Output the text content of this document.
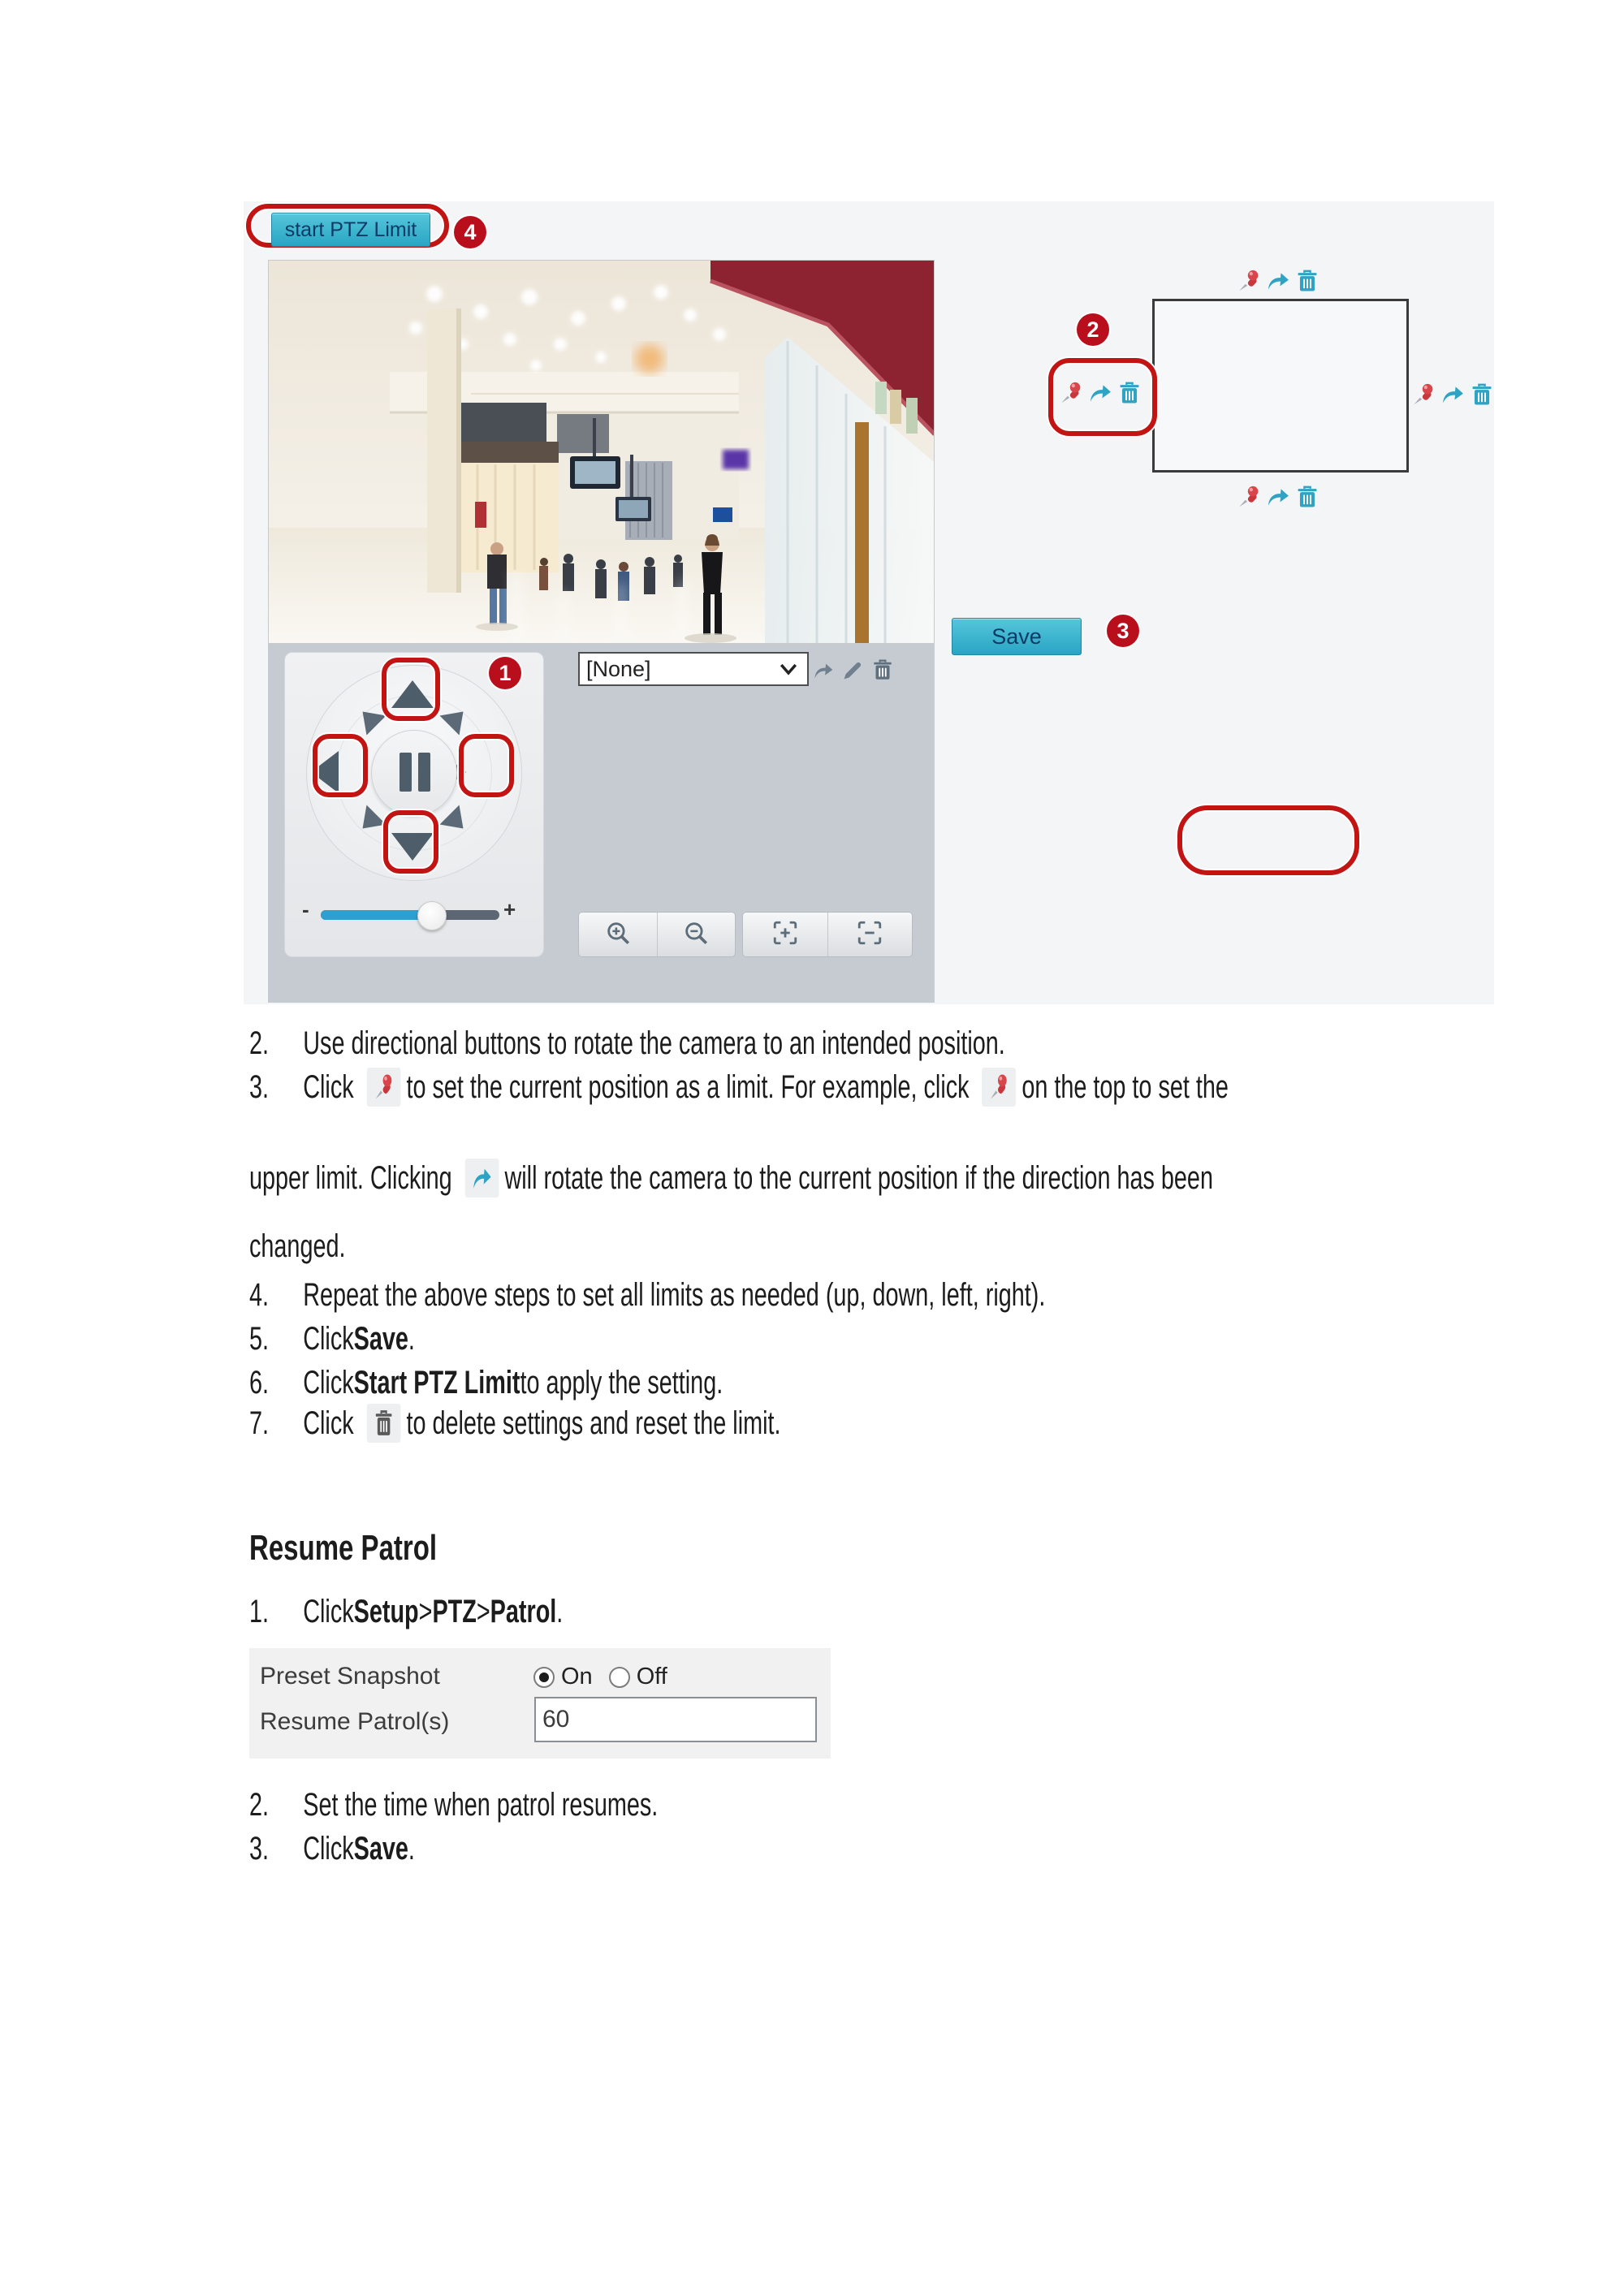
start PTZ Limit 4
2
Save	3
1
-	+
[None]
2.	Use directional buttons to rotate the camera to an intended position.
3.	Click to set the current position as a limit. For example, click on the top to set the
upper limit. Clicking will rotate the camera to the current position if the direction has been
changed.
4.	Repeat the above steps to set all limits as needed (up, down, left, right).
5.	Click Save .
6.	Click Start PTZ Limit to apply the setting.
7.	Click to delete settings and reset the limit.
Resume Patrol
1.	Click Setup > PTZ > Patrol .
Preset Snapshot	On Off
Resume Patrol(s)	60
2.	Set the time when patrol resumes.
3.	Click Save .
